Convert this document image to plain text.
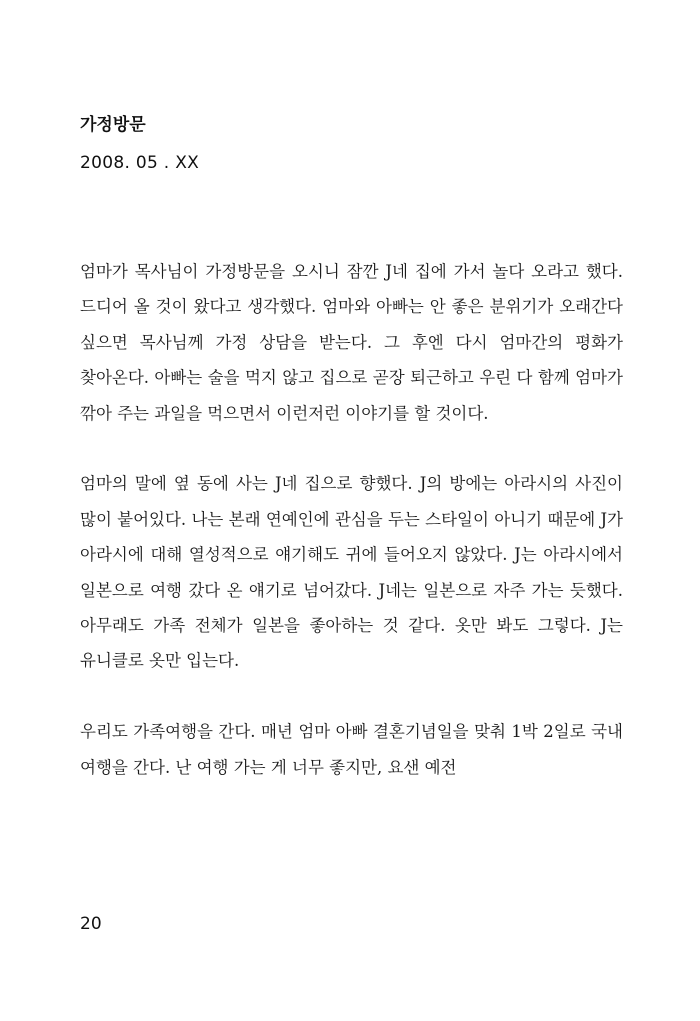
가정방문
2008. 05 . XX

엄마가 목사님이 가정방문을 오시니 잠깐 J네 집에 가서 놀다 오라고 했다. 드디어 올 것이 왔다고 생각했다. 엄마와 아빠는 안 좋은 분위기가 오래간다 싶으면 목사님께 가정 상담을 받는다. 그 후엔 다시 엄마간의 평화가 찾아온다. 아빠는 술을 먹지 않고 집으로 곧장 퇴근하고 우린 다 함께 엄마가 깎아 주는 과일을 먹으면서 이런저런 이야기를 할 것이다.

엄마의 말에 옆 동에 사는 J네 집으로 향했다. J의 방에는 아라시의 사진이 많이 붙어있다. 나는 본래 연예인에 관심을 두는 스타일이 아니기 때문에 J가 아라시에 대해 열성적으로 얘기해도 귀에 들어오지 않았다. J는 아라시에서 일본으로 여행 갔다 온 얘기로 넘어갔다. J네는 일본으로 자주 가는 듯했다. 아무래도 가족 전체가 일본을 좋아하는 것 같다. 옷만 봐도 그렇다. J는 유니클로 옷만 입는다.

우리도 가족여행을 간다. 매년 엄마 아빠 결혼기념일을 맞춰 1박 2일로 국내 여행을 간다. 난 여행 가는 게 너무 좋지만, 요샌 예전

20
